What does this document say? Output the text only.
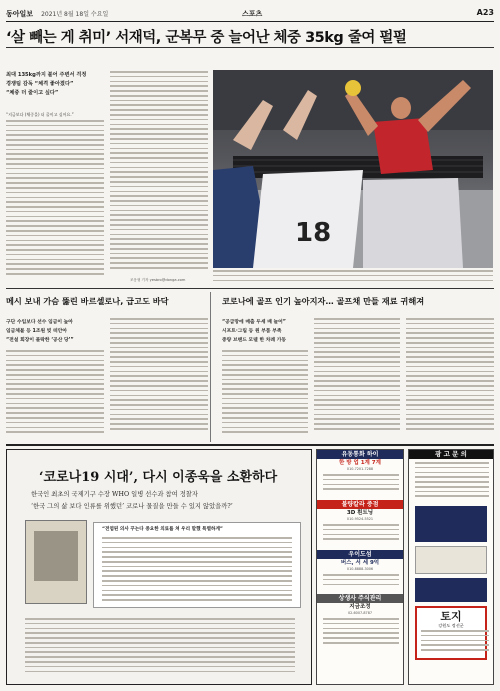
동아일보 2021년 8월 18일 수요일	스포츠	A23
‘살 빼는 게 취미’ 서재덕, 군복무 중 늘어난 체중 35kg 줄여 펄펄
최대 135kg까지 불어 주변서 걱정
경쟁팀 감독 “체격 좋아졌다”
“체중 더 줄이고 싶다”
“지금보다 (체중을) 더 줄이고 싶어요.”
조응형 기자 yesbro@donga.com
18
메시 보내 가슴 뚫린 바르셀로나, 급고도 바닥
구단 수입보다 선수 임금이 높아
임금체불 등 1조원 빚 떠안아
“전설 회장이 몰락한 ‘공산 당’”
코로나에 골프 인기 높아지자… 골프채 만들 재료 귀해져
“공급망에 매출 두세 배 늘어”
시프트·그립 등 원 부품 부족
중량 브랜드 모델 한 차례 가동
‘코로나19 시대’, 다시 이종욱을 소환하다
한국인 최초의 국제기구 수장 WHO 일병 선수과 참여 정찰자
‘한국 그의 삶 보다 인류를 위했던’ 코로나 물질을 만들 수 있지 않았을까?’
“전염된 의사 꾸는다 중요한 의료를 쳐 우리 말했 특별하게”
유동통화 하이
한 방 업 1계 7계
010-7201-7288
불량칼라 중점
3D 흰트닝
010-9524-5521
우이도섬
버스, 서 세 9억
010-8888-3006
상생사 주식관리
지금조정
02-6007-8787
광 고 문 의
토지
강원도 정선군
